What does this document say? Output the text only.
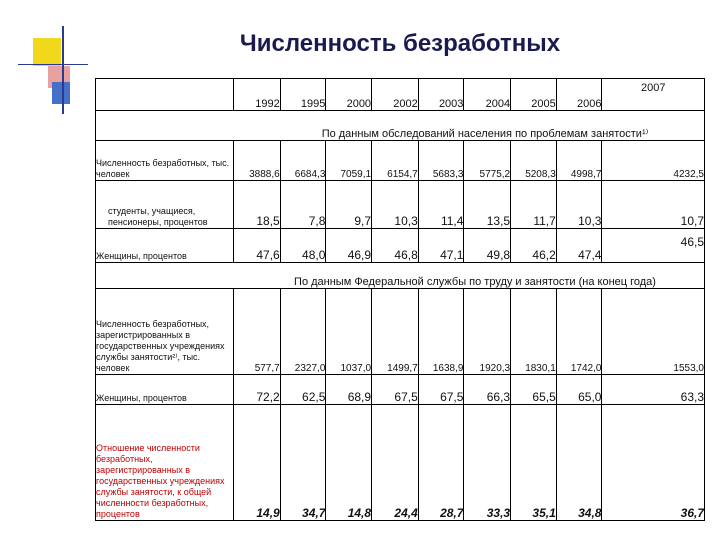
Численность безработных
	1992	1995	2000	2002	2003	2004	2005	2006	2007
По данным обследований населения по проблемам занятости¹⁾									
Численность безработных, тыс. человек	3888,6	6684,3	7059,1	6154,7	5683,3	5775,2	5208,3	4998,7	4232,5
студенты, учащиеся, пенсионеры, процентов	18,5	7,8	9,7	10,3	11,4	13,5	11,7	10,3	10,7
Женщины, процентов	47,6	48,0	46,9	46,8	47,1	49,8	46,2	47,4	46,5
По данным Федеральной службы по труду и занятости (на конец года)									
Численность безработных, зарегистрированных в государственных учреждениях службы занятости²⁾, тыс. человек	577,7	2327,0	1037,0	1499,7	1638,9	1920,3	1830,1	1742,0	1553,0
Женщины, процентов	72,2	62,5	68,9	67,5	67,5	66,3	65,5	65,0	63,3
Отношение численности безработных, зарегистрированных в государственных учреждениях службы занятости, к общей численности безработных, процентов	14,9	34,7	14,8	24,4	28,7	33,3	35,1	34,8	36,7
